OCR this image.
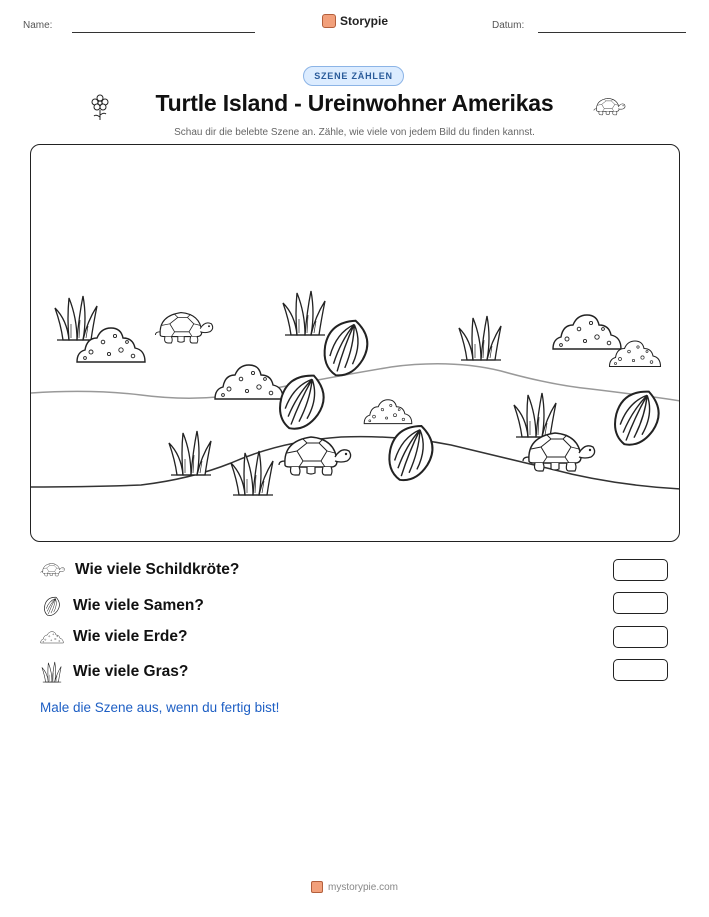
Name:	Storypie	Datum:
SZENE ZÄHLEN
Turtle Island - Ureinwohner Amerikas
Schau dir die belebte Szene an. Zähle, wie viele von jedem Bild du finden kannst.
Wie viele Schildkröte?
Wie viele Samen?
Wie viele Erde?
Wie viele Gras?
Male die Szene aus, wenn du fertig bist!
mystorypie.com
